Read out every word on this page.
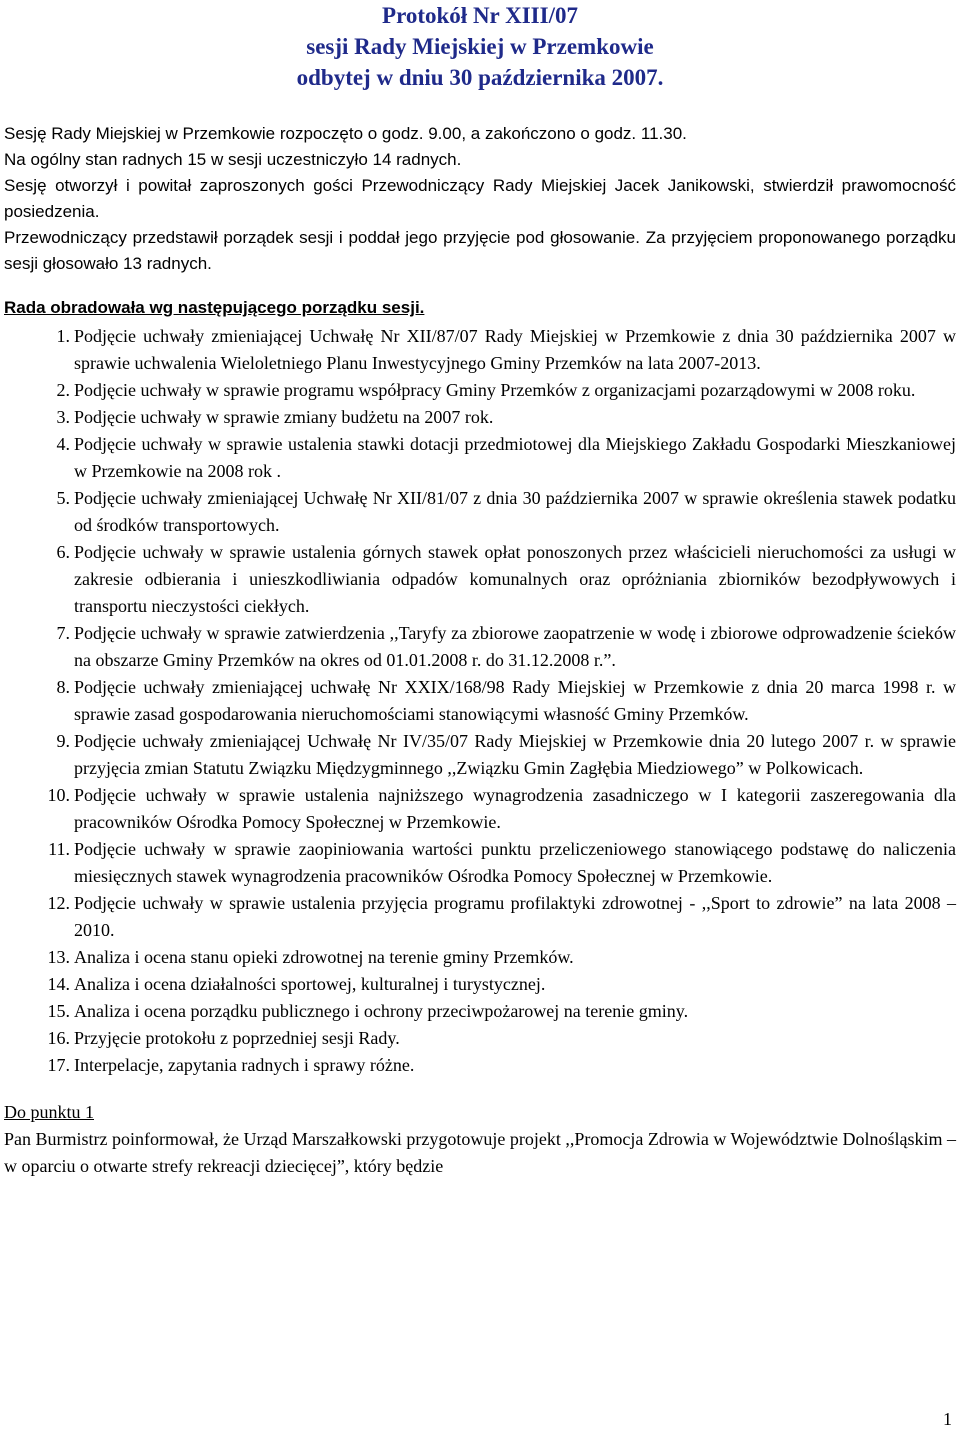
Protokół Nr XIII/07
sesji Rady Miejskiej w Przemkowie
odbytej w dniu 30 października 2007.

Sesję Rady Miejskiej w Przemkowie rozpoczęto o godz. 9.00, a zakończono o godz. 11.30.

Na ogólny stan radnych 15 w sesji uczestniczyło 14 radnych.

Sesję otworzył i powitał zaproszonych gości Przewodniczący Rady Miejskiej Jacek Janikowski, stwierdził prawomocność posiedzenia.

Przewodniczący przedstawił porządek sesji i poddał jego przyjęcie pod głosowanie. Za przyjęciem proponowanego porządku sesji głosowało 13 radnych.

Rada obradowała wg następującego porządku sesji.
1. Podjęcie uchwały zmieniającej Uchwałę Nr XII/87/07 Rady Miejskiej w Przemkowie z dnia 30 października 2007 w sprawie uchwalenia Wieloletniego Planu Inwestycyjnego Gminy Przemków na lata 2007-2013.
2. Podjęcie uchwały w sprawie programu współpracy Gminy Przemków z organizacjami pozarządowymi w 2008 roku.
3. Podjęcie uchwały w sprawie zmiany budżetu na 2007 rok.
4. Podjęcie uchwały w sprawie ustalenia stawki dotacji przedmiotowej dla Miejskiego Zakładu Gospodarki Mieszkaniowej w Przemkowie na 2008 rok .
5. Podjęcie uchwały zmieniającej Uchwałę Nr XII/81/07 z dnia 30 października 2007 w sprawie określenia stawek podatku od środków transportowych.
6. Podjęcie uchwały w sprawie ustalenia górnych stawek opłat ponoszonych przez właścicieli nieruchomości za usługi w zakresie odbierania i unieszkodliwiania odpadów komunalnych oraz opróżniania zbiorników bezodpływowych i transportu nieczystości ciekłych.
7. Podjęcie uchwały w sprawie zatwierdzenia ,,Taryfy za zbiorowe zaopatrzenie w wodę i zbiorowe odprowadzenie ścieków na obszarze Gminy Przemków na okres od 01.01.2008 r. do 31.12.2008 r.”.
8. Podjęcie uchwały zmieniającej uchwałę Nr XXIX/168/98 Rady Miejskiej w Przemkowie z dnia 20 marca 1998 r. w sprawie zasad gospodarowania nieruchomościami stanowiącymi własność Gminy Przemków.
9. Podjęcie uchwały zmieniającej Uchwałę Nr IV/35/07 Rady Miejskiej w Przemkowie dnia 20 lutego 2007 r. w sprawie przyjęcia zmian Statutu Związku Międzygminnego ,,Związku Gmin Zagłębia Miedziowego” w Polkowicach.
10. Podjęcie uchwały w sprawie ustalenia najniższego wynagrodzenia zasadniczego w I kategorii zaszeregowania dla pracowników Ośrodka Pomocy Społecznej w Przemkowie.
11. Podjęcie uchwały w sprawie zaopiniowania wartości punktu przeliczeniowego stanowiącego podstawę do naliczenia miesięcznych stawek wynagrodzenia pracowników Ośrodka Pomocy Społecznej w Przemkowie.
12. Podjęcie uchwały w sprawie ustalenia przyjęcia programu profilaktyki zdrowotnej - ,,Sport to zdrowie” na lata 2008 – 2010.
13. Analiza i ocena stanu opieki zdrowotnej na terenie gminy Przemków.
14. Analiza i ocena działalności sportowej, kulturalnej i turystycznej.
15. Analiza i ocena porządku publicznego i ochrony przeciwpożarowej na terenie gminy.
16. Przyjęcie protokołu z poprzedniej sesji Rady.
17. Interpelacje, zapytania radnych i sprawy różne.
Do punktu 1

Pan Burmistrz poinformował, że Urząd Marszałkowski przygotowuje projekt ,,Promocja Zdrowia w Województwie Dolnośląskim – w oparciu o otwarte strefy rekreacji dziecięcej”, który będzie

1
